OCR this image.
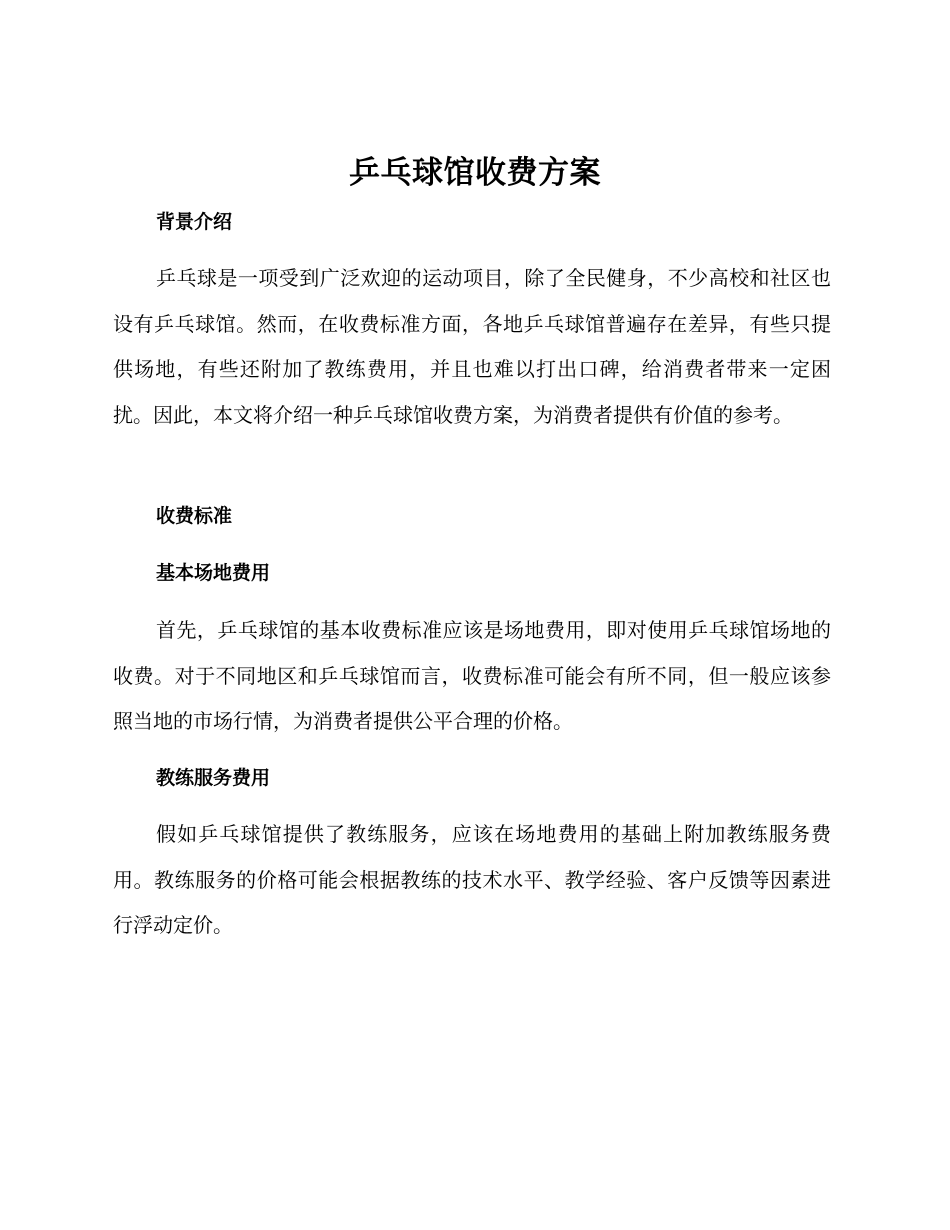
乒乓球馆收费方案
背景介绍

乒乓球是一项受到广泛欢迎的运动项目，除了全民健身，不少高校和社区也设有乒乓球馆。然而，在收费标准方面，各地乒乓球馆普遍存在差异，有些只提供场地，有些还附加了教练费用，并且也难以打出口碑，给消费者带来一定困扰。因此，本文将介绍一种乒乓球馆收费方案，为消费者提供有价值的参考。

收费标准
基本场地费用

首先，乒乓球馆的基本收费标准应该是场地费用，即对使用乒乓球馆场地的收费。对于不同地区和乒乓球馆而言，收费标准可能会有所不同，但一般应该参照当地的市场行情，为消费者提供公平合理的价格。

教练服务费用

假如乒乓球馆提供了教练服务，应该在场地费用的基础上附加教练服务费用。教练服务的价格可能会根据教练的技术水平、教学经验、客户反馈等因素进行浮动定价。
